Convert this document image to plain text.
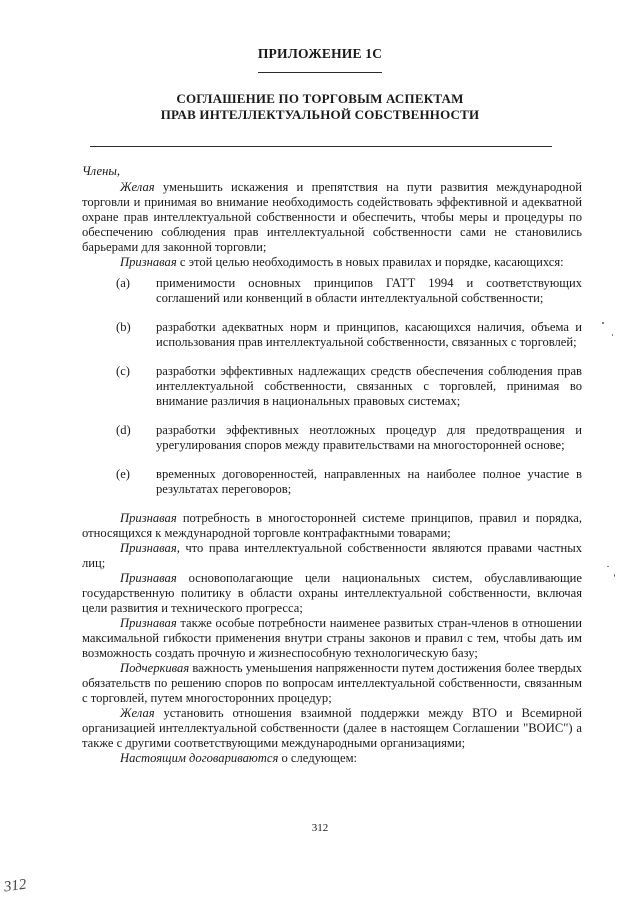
ПРИЛОЖЕНИЕ 1С
СОГЛАШЕНИЕ ПО ТОРГОВЫМ АСПЕКТАМ
ПРАВ ИНТЕЛЛЕКТУАЛЬНОЙ СОБСТВЕННОСТИ

Члены,

Желая уменьшить искажения и препятствия на пути развития международной торговли и принимая во внимание необходимость содействовать эффективной и адекватной охране прав интеллектуальной собственности и обеспечить, чтобы меры и процедуры по обеспечению соблюдения прав интеллектуальной собственности сами не становились барьерами для законной торговли;

Признавая с этой целью необходимость в новых правилах и порядке, касающихся:

(a) применимости основных принципов ГАТТ 1994 и соответствующих соглашений или конвенций в области интеллектуальной собственности;
(b) разработки адекватных норм и принципов, касающихся наличия, объема и использования прав интеллектуальной собственности, связанных с торговлей;
(c) разработки эффективных надлежащих средств обеспечения соблюдения прав интеллектуальной собственности, связанных с торговлей, принимая во внимание различия в национальных правовых системах;
(d) разработки эффективных неотложных процедур для предотвращения и урегулирования споров между правительствами на многосторонней основе;
(e) временных договоренностей, направленных на наиболее полное участие в результатах переговоров;

Признавая потребность в многосторонней системе принципов, правил и порядка, относящихся к международной торговле контрафактными товарами;

Признавая, что права интеллектуальной собственности являются правами частных лиц;

Признавая основополагающие цели национальных систем, обуславливающие государственную политику в области охраны интеллектуальной собственности, включая цели развития и технического прогресса;

Признавая также особые потребности наименее развитых стран-членов в отношении максимальной гибкости применения внутри страны законов и правил с тем, чтобы дать им возможность создать прочную и жизнеспособную технологическую базу;

Подчеркивая важность уменьшения напряженности путем достижения более твердых обязательств по решению споров по вопросам интеллектуальной собственности, связанным с торговлей, путем многосторонних процедур;

Желая установить отношения взаимной поддержки между ВТО и Всемирной организацией интеллектуальной собственности (далее в настоящем Соглашении "ВОИС") а также с другими соответствующими международными организациями;

Настоящим договариваются о следующем:

312
312
